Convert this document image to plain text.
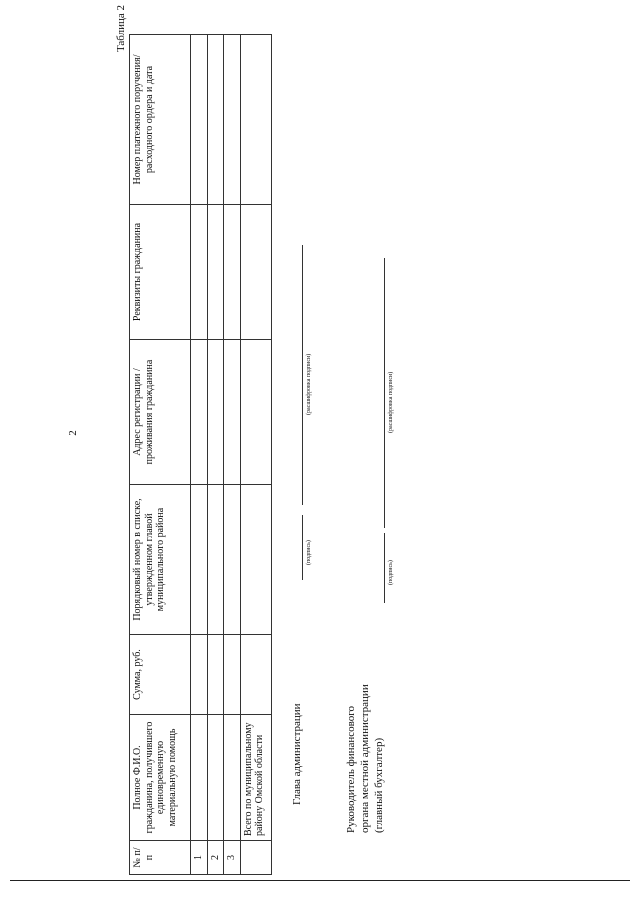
2
Таблица 2
№ п/п	Полное Ф.И.О. гражданина, получившего единовременную материальную помощь	Сумма, руб.	Порядковый номер в списке, утвержденном главой муниципального района	Адрес регистрации / проживания гражданина	Реквизиты гражданина	Номер платежного поручения/расходного ордера и дата
1						
2						
3						
	Всего по муниципальному району Омской области					Глава администрации
(подпись)
(расшифровка подписи)
Руководитель финансового органа местной администрации (главный бухгалтер)
(подпись)
(расшифровка подписи)
